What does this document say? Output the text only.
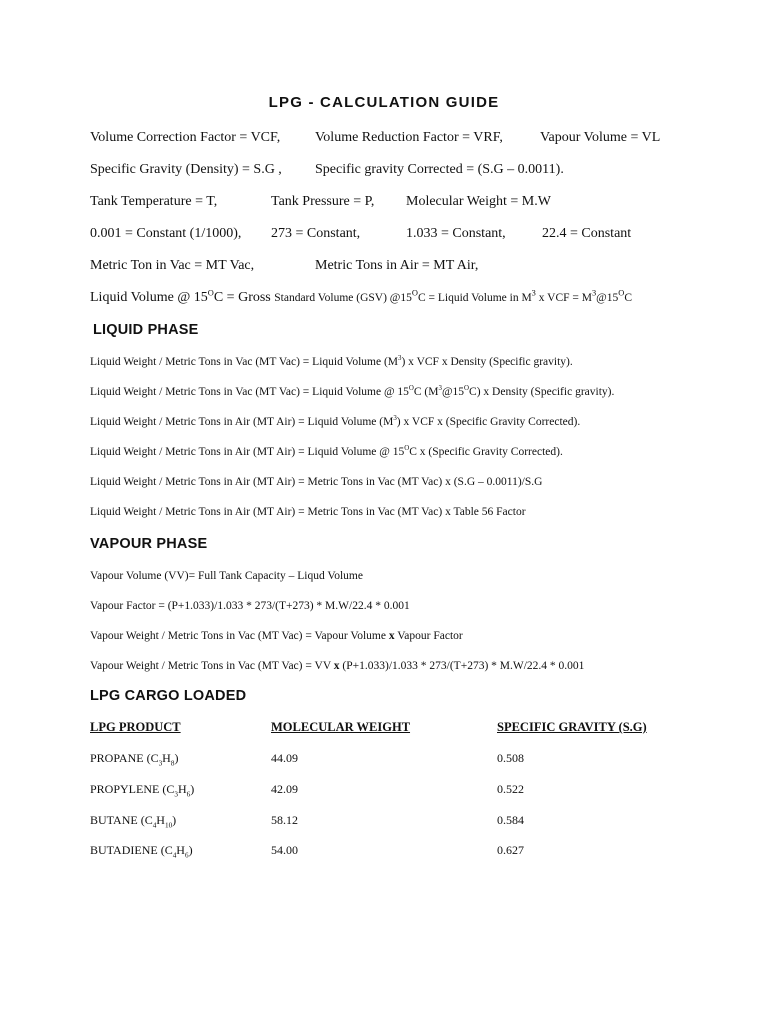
LPG - CALCULATION GUIDE
Volume Correction Factor = VCF, Volume Reduction Factor = VRF,	Vapour Volume = VL
Specific Gravity (Density) = S.G , Specific gravity Corrected = (S.G – 0.0011).
Tank Temperature = T,	Tank Pressure = P, Molecular Weight = M.W
0.001 = Constant (1/1000), 273 = Constant,	1.033 = Constant,	22.4 = Constant
Metric Ton in Vac = MT Vac,	Metric Tons in Air = MT Air,
Liquid Volume @ $15^OC$ = Gross Standard Volume (GSV) $@15^OC$ = Liquid Volume in $M^3$ x VCF = $M^3@15^OC$
LIQUID PHASE
Liquid Weight / Metric Tons in Vac (MT Vac) = Liquid Volume $(M^3)$ x VCF x Density (Specific gravity).
Liquid Weight / Metric Tons in Vac (MT Vac) = Liquid Volume @ $15^OC$ $(M^3@15^OC)$ x Density (Specific gravity).
Liquid Weight / Metric Tons in Air (MT Air) = Liquid Volume $(M^3)$ x VCF x (Specific Gravity Corrected).
Liquid Weight / Metric Tons in Air (MT Air) = Liquid Volume @ $15^OC$ x (Specific Gravity Corrected).
Liquid Weight / Metric Tons in Air (MT Air) = Metric Tons in Vac (MT Vac) x (S.G – 0.0011)/S.G
Liquid Weight / Metric Tons in Air (MT Air) = Metric Tons in Vac (MT Vac) x Table 56 Factor
VAPOUR PHASE
Vapour Volume (VV)= Full Tank Capacity – Liqud Volume
Vapour Factor = (P+1.033)/1.033 * 273/(T+273) * M.W/22.4 * 0.001
Vapour Weight / Metric Tons in Vac (MT Vac) = Vapour Volume x Vapour Factor
Vapour Weight / Metric Tons in Vac (MT Vac) = VV x (P+1.033)/1.033 * 273/(T+273) * M.W/22.4 * 0.001
LPG CARGO LOADED
LPG PRODUCT	MOLECULAR WEIGHT	SPECIFIC GRAVITY (S.G)
PROPANE $(C_3H_8)$	44.09	0.508
PROPYLENE $(C_3H_6)$	42.09	0.522
BUTANE $(C_4H_{10})$	58.12	0.584
BUTADIENE $(C_4H_6)$	54.00	0.627
